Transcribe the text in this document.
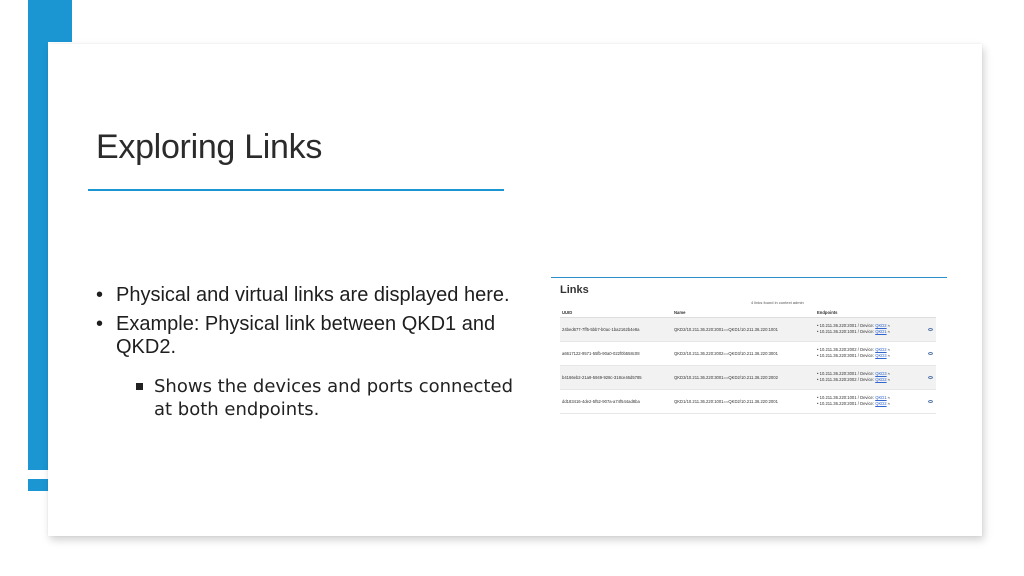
Exploring Links
• Physical and virtual links are displayed here.
• Example: Physical link between QKD1 and QKD2.
Shows the devices and ports connected at both endpoints.
Links
4 links found in context admin
UUID	Name	Endpoints	
24bed677-7ff5-5bb7-b0ac-1ba2162b4e8a	QKD2/10.211.36.220:2001==QKD1/10.211.36.220:1001	• 10.211.36.220:2001 / Device: QKD2 ≈
• 10.211.36.220:1001 / Device: QKD1 ≈	

a6617122-9571-55fb-90a0-022f0b558c08	QKD2/10.211.36.220:2002==QKD3/10.211.36.220:3001	• 10.211.36.220:2002 / Device: QKD2 ≈
• 10.211.36.220:3001 / Device: QKD3 ≈	

b4166eb2-21a9-5949-928c-318ce46d5785	QKD3/10.211.36.220:3001==QKD2/10.211.36.220:2002	• 10.211.36.220:3001 / Device: QKD3 ≈
• 10.211.36.220:2002 / Device: QKD2 ≈	

dd183416-4de2-5f52-907a-a74f544ad8ba	QKD1/10.211.36.220:1001==QKD2/10.211.36.220:2001	• 10.211.36.220:1001 / Device: QKD1 ≈
• 10.211.36.220:2001 / Device: QKD2 ≈	
